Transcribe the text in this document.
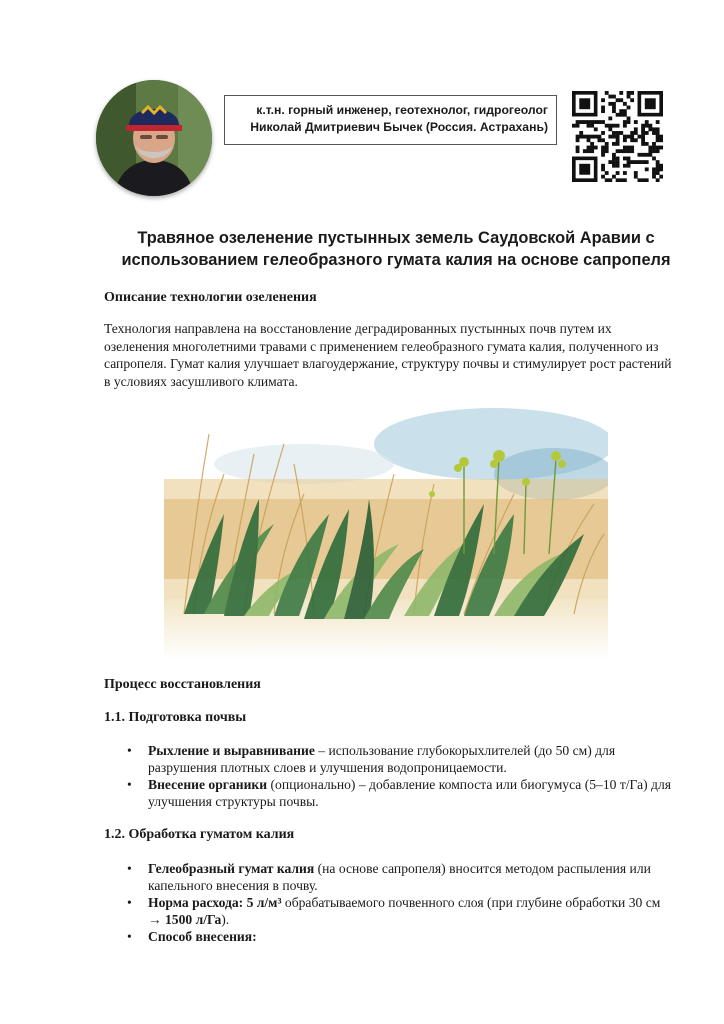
к.т.н. горный инженер, геотехнолог, гидрогеолог
Николай Дмитриевич Бычек (Россия. Астрахань)
Травяное озеленение пустынных земель Саудовской Аравии с
использованием гелеобразного гумата калия на основе сапропеля

Описание технологии озеленения

Технология направлена на восстановление деградированных пустынных почв путем их озеленения многолетними травами с применением гелеобразного гумата калия, полученного из сапропеля. Гумат калия улучшает влагоудержание, структуру почвы и стимулирует рост растений в условиях засушливого климата.

Процесс восстановления

1.1. Подготовка почвы

• Рыхление и выравнивание – использование глубокорыхлителей (до 50 см) для разрушения плотных слоев и улучшения водопроницаемости.
• Внесение органики (опционально) – добавление компоста или биогумуса (5–10 т/Га) для улучшения структуры почвы.

1.2. Обработка гуматом калия

• Гелеобразный гумат калия (на основе сапропеля) вносится методом распыления или капельного внесения в почву.
• Норма расхода: 5 л/м³ обрабатываемого почвенного слоя (при глубине обработки 30 см → 1500 л/Га).
• Способ внесения:
